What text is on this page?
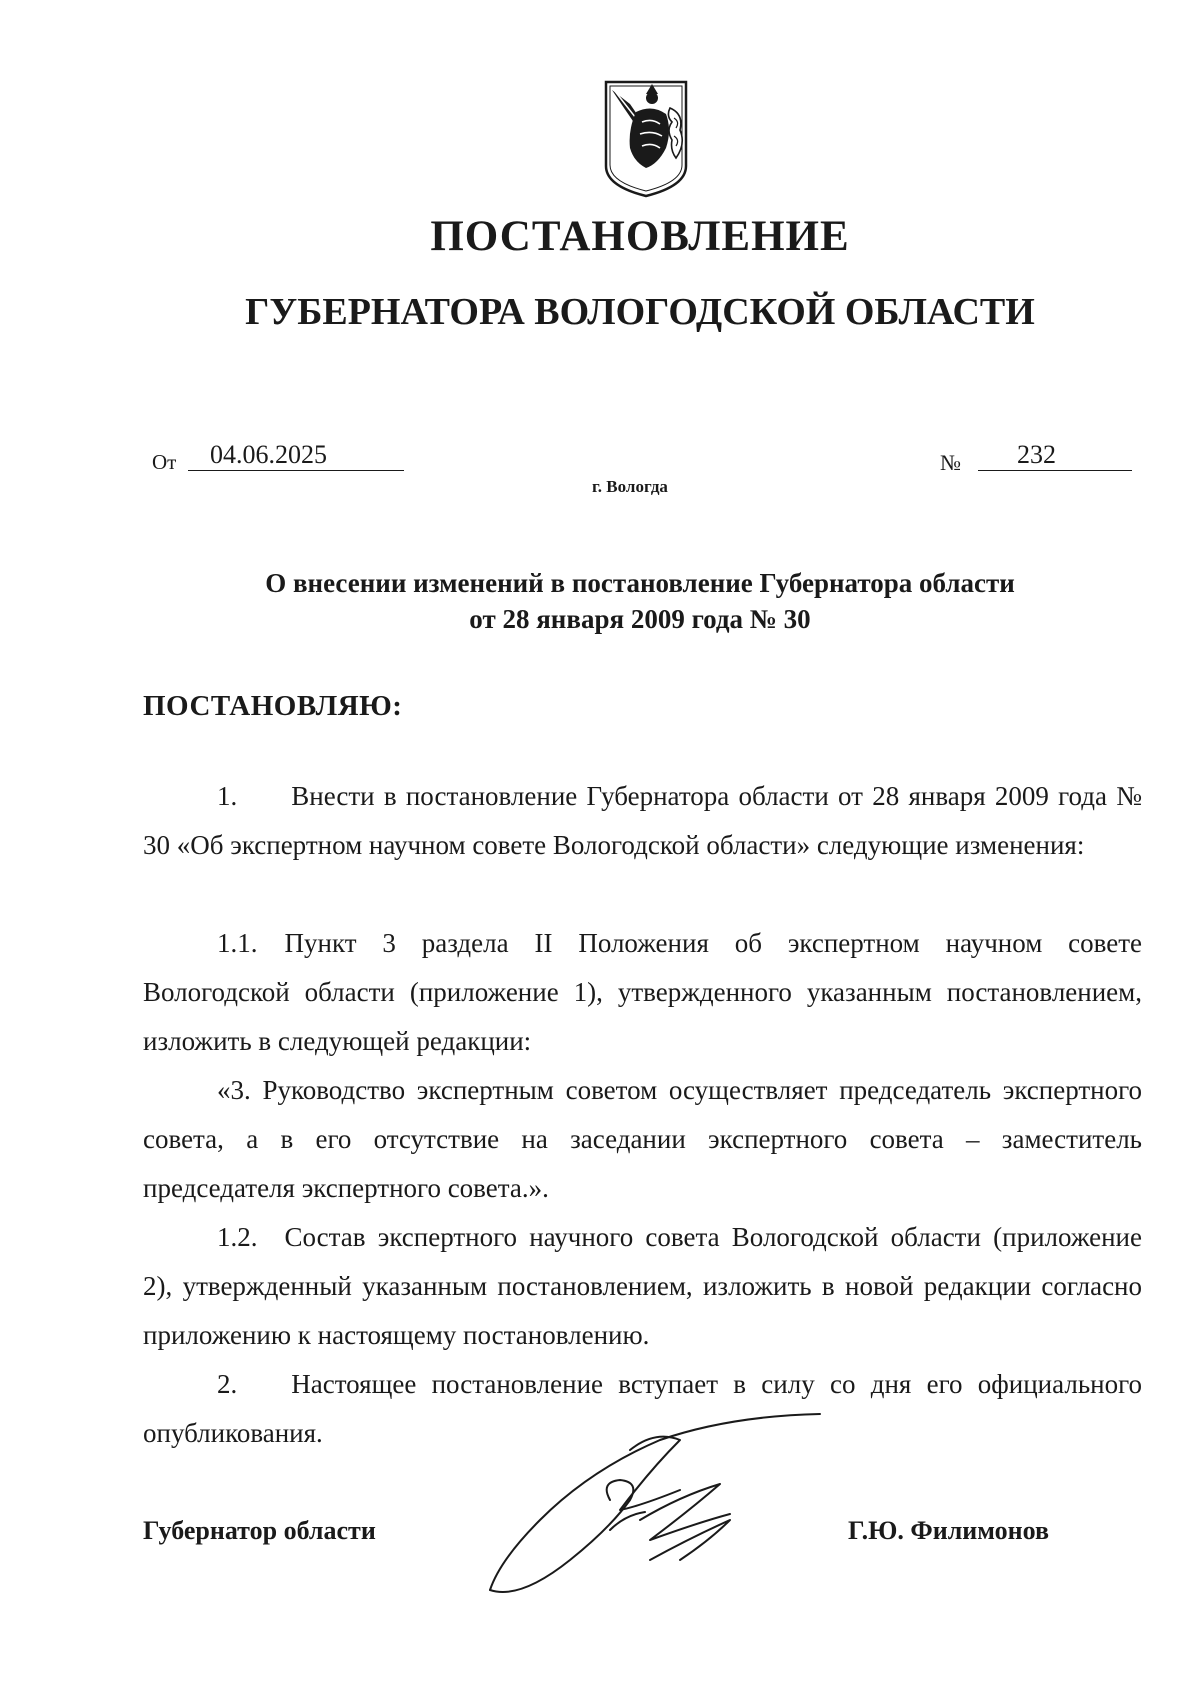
ПОСТАНОВЛЕНИЕ
ГУБЕРНАТОРА ВОЛОГОДСКОЙ ОБЛАСТИ
От 04.06.2025	№ 232
г. Вологда
О внесении изменений в постановление Губернатора области
от 28 января 2009 года № 30
ПОСТАНОВЛЯЮ:

1.  Внести в постановление Губернатора области от 28 января 2009 года № 30 «Об экспертном научном совете Вологодской области» следующие изменения:

1.1. Пункт 3 раздела II Положения об экспертном научном совете Вологодской области (приложение 1), утвержденного указанным постановлением, изложить в следующей редакции:

«3. Руководство экспертным советом осуществляет председатель экспертного совета, а в его отсутствие на заседании экспертного совета – заместитель председателя экспертного совета.».

1.2. Состав экспертного научного совета Вологодской области (приложение 2), утвержденный указанным постановлением, изложить в новой редакции согласно приложению к настоящему постановлению.

2.  Настоящее постановление вступает в силу со дня его официального опубликования.

Губернатор области	Г.Ю. Филимонов
